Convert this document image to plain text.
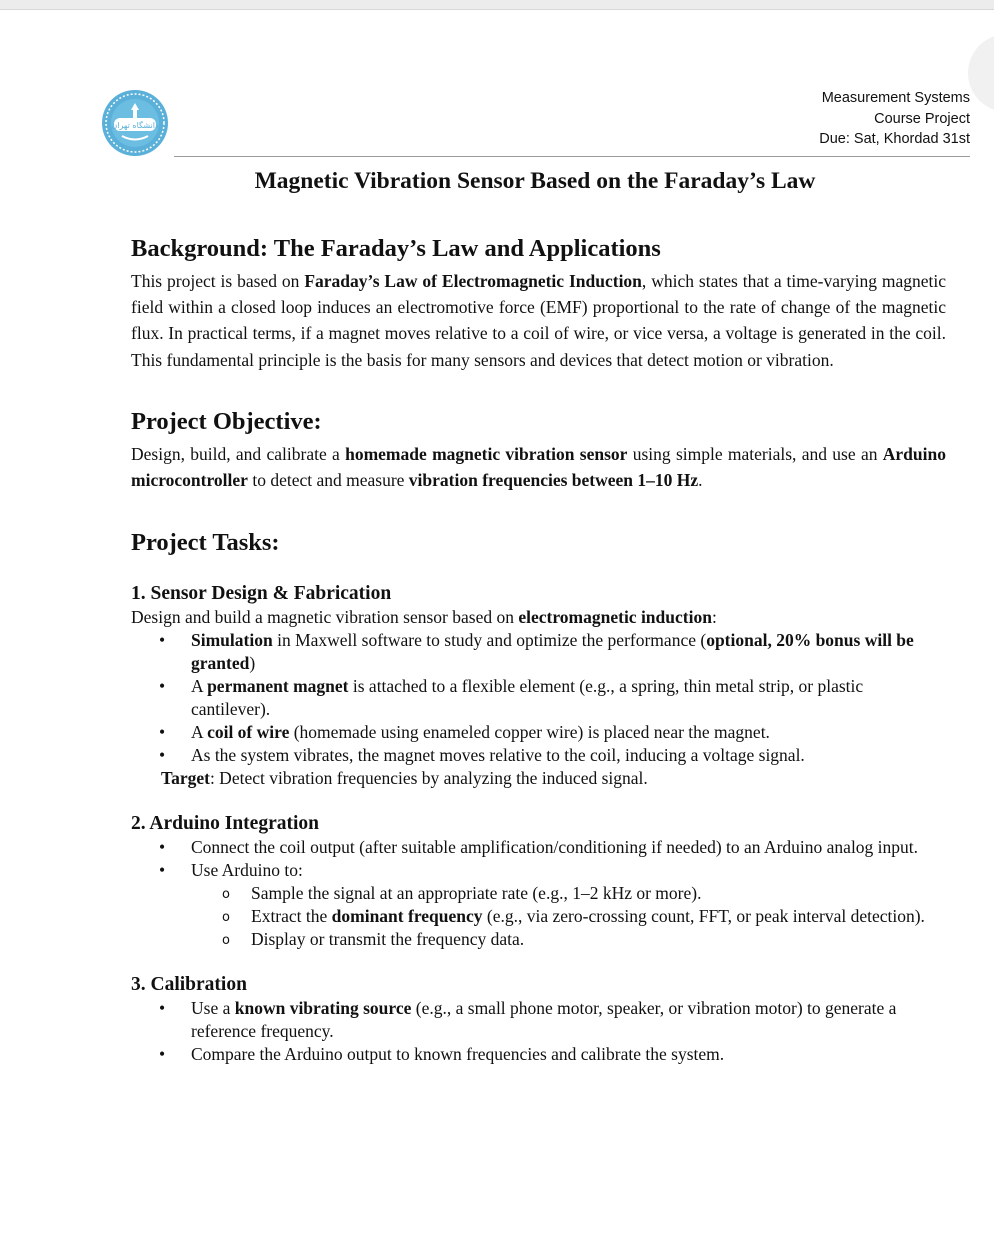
دانشگاه تهران
Measurement Systems
Course Project
Due: Sat, Khordad 31st
Magnetic Vibration Sensor Based on the Faraday’s Law
Background: The Faraday’s Law and Applications

This project is based on Faraday’s Law of Electromagnetic Induction, which states that a time-varying magnetic field within a closed loop induces an electromotive force (EMF) proportional to the rate of change of the magnetic flux. In practical terms, if a magnet moves relative to a coil of wire, or vice versa, a voltage is generated in the coil. This fundamental principle is the basis for many sensors and devices that detect motion or vibration.

Project Objective:

Design, build, and calibrate a homemade magnetic vibration sensor using simple materials, and use an Arduino microcontroller to detect and measure vibration frequencies between 1–10 Hz.

Project Tasks:
1. Sensor Design & Fabrication
Design and build a magnetic vibration sensor based on electromagnetic induction:
• Simulation in Maxwell software to study and optimize the performance (optional, 20% bonus will be granted)
• A permanent magnet is attached to a flexible element (e.g., a spring, thin metal strip, or plastic cantilever).
• A coil of wire (homemade using enameled copper wire) is placed near the magnet.
• As the system vibrates, the magnet moves relative to the coil, inducing a voltage signal.
Target: Detect vibration frequencies by analyzing the induced signal.
2. Arduino Integration
• Connect the coil output (after suitable amplification/conditioning if needed) to an Arduino analog input.
• Use Arduino to:
o Sample the signal at an appropriate rate (e.g., 1–2 kHz or more).
o Extract the dominant frequency (e.g., via zero-crossing count, FFT, or peak interval detection).
o Display or transmit the frequency data.
3. Calibration
• Use a known vibrating source (e.g., a small phone motor, speaker, or vibration motor) to generate a reference frequency.
• Compare the Arduino output to known frequencies and calibrate the system.
